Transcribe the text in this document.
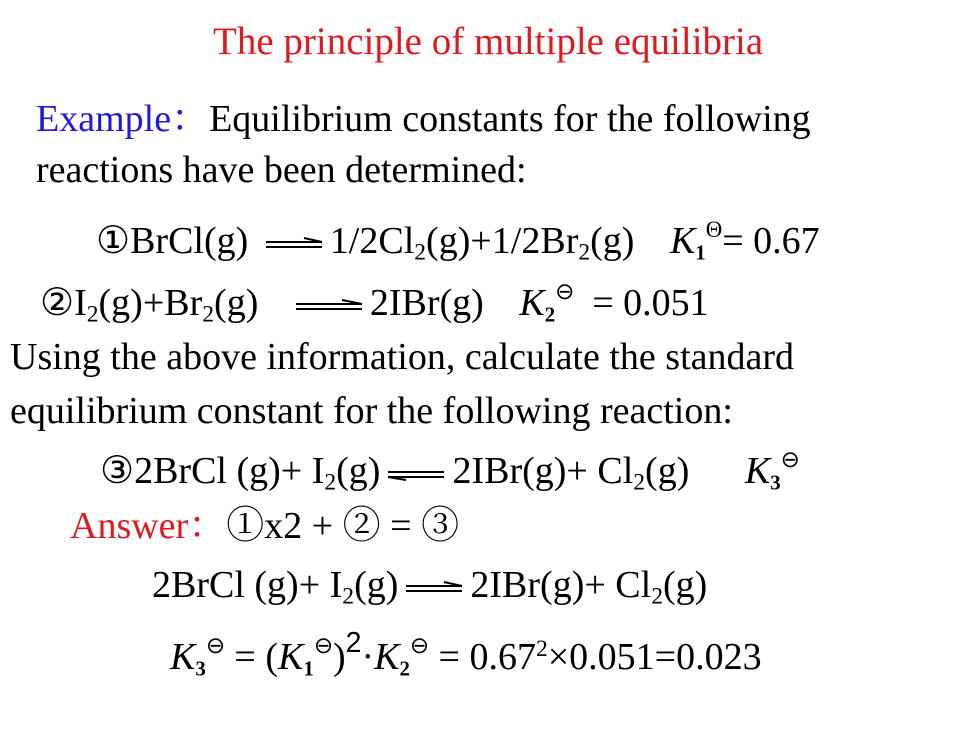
The principle of multiple equilibria
Example：Equilibrium constants for the following
reactions have been determined:
①BrCl(g) $1/2Cl_2(g)+1/2Br_2(g)$ $K1^\Theta= 0.67$
$②I_2(g)+Br_2(g)$	2IBr(g) K2⊖ = 0.051
Using the above information, calculate the standard
equilibrium constant for the following reaction:
③2BrCl $(g)+ I_2(g)$ $2IBr(g)+ Cl_2(g)$ K3⊖
Answer：①x2 + ② = ③
2BrCl $(g)+ I_2(g)$ $2IBr(g)+ Cl_2(g)$
$K3^⊖ = (K1^⊖)^2\cdot K2^⊖ = 0.67^2\times 0.051=0.023$
